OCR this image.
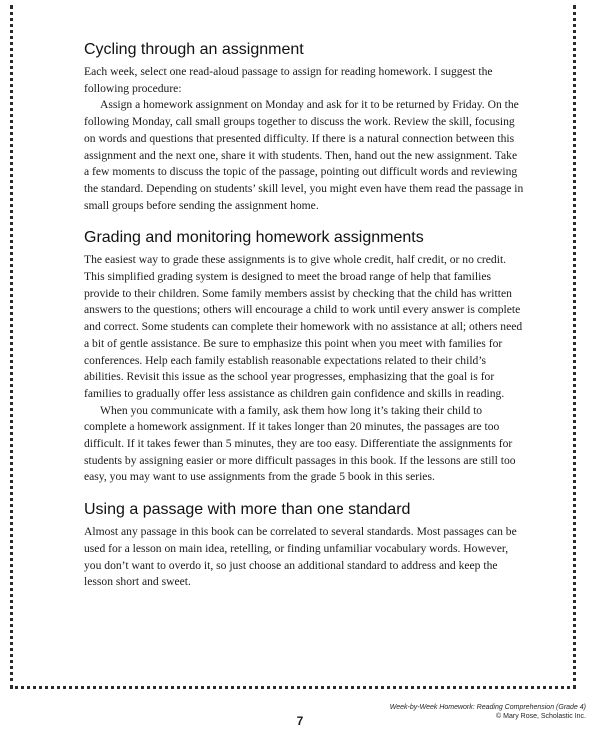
Cycling through an assignment

Each week, select one read-aloud passage to assign for reading homework. I suggest the following procedure:

Assign a homework assignment on Monday and ask for it to be returned by Friday. On the following Monday, call small groups together to discuss the work. Review the skill, focusing on words and questions that presented difficulty. If there is a natural connection between this assignment and the next one, share it with students. Then, hand out the new assignment. Take a few moments to discuss the topic of the passage, pointing out difficult words and reviewing the standard. Depending on students’ skill level, you might even have them read the passage in small groups before sending the assignment home.

Grading and monitoring homework assignments

The easiest way to grade these assignments is to give whole credit, half credit, or no credit. This simplified grading system is designed to meet the broad range of help that families provide to their children. Some family members assist by checking that the child has written answers to the questions; others will encourage a child to work until every answer is complete and correct. Some students can complete their homework with no assistance at all; others need a bit of gentle assistance. Be sure to emphasize this point when you meet with families for conferences. Help each family establish reasonable expectations related to their child’s abilities. Revisit this issue as the school year progresses, emphasizing that the goal is for families to gradually offer less assistance as children gain confidence and skills in reading.

When you communicate with a family, ask them how long it’s taking their child to complete a homework assignment. If it takes longer than 20 minutes, the passages are too difficult. If it takes fewer than 5 minutes, they are too easy. Differentiate the assignments for students by assigning easier or more difficult passages in this book. If the lessons are still too easy, you may want to use assignments from the grade 5 book in this series.

Using a passage with more than one standard

Almost any passage in this book can be correlated to several standards. Most passages can be used for a lesson on main idea, retelling, or finding unfamiliar vocabulary words. However, you don’t want to overdo it, so just choose an additional standard to address and keep the lesson short and sweet.

7
Week-by-Week Homework: Reading Comprehension (Grade 4)
© Mary Rose, Scholastic Inc.
